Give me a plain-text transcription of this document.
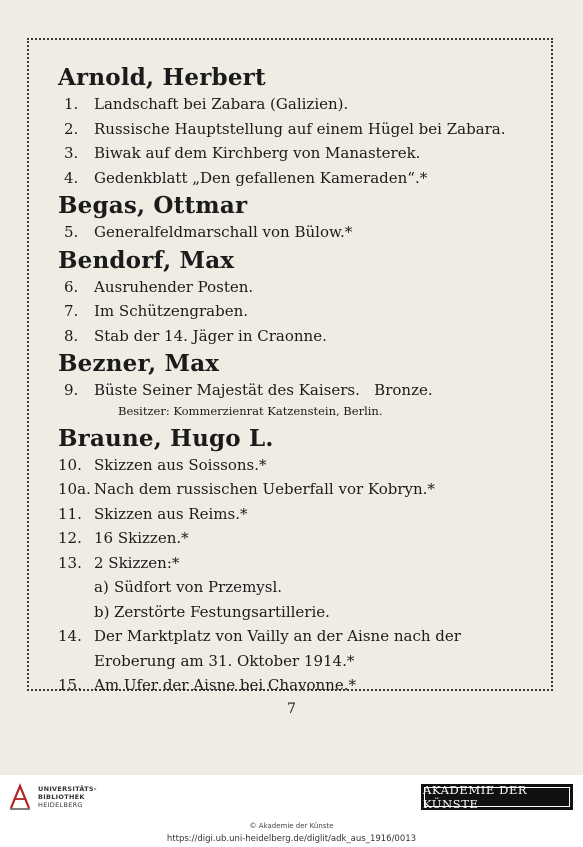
Arnold, Herbert
1.	Landschaft bei Zabara (Galizien).
2.	Russische Hauptstellung auf einem Hügel bei Zabara.
3.	Biwak auf dem Kirchberg von Manasterek.
4.	Gedenkblatt „Den gefallenen Kameraden“.*
Begas, Ottmar
5.	Generalfeldmarschall von Bülow.*
Bendorf, Max
6.	Ausruhender Posten.
7.	Im Schützengraben.
8.	Stab der 14. Jäger in Craonne.
Bezner, Max
9.	Büste Seiner Majestät des Kaisers.   Bronze.
Besitzer: Kommerzienrat Katzenstein, Berlin.
Braune, Hugo L.
10. Skizzen aus Soissons.*
10a. Nach dem russischen Ueberfall vor Kobryn.*
11. Skizzen aus Reims.*
12. 16 Skizzen.*
13. 2 Skizzen:*
a) Südfort von Przemysl.
b) Zerstörte Festungsartillerie.
14. Der Marktplatz von Vailly an der Aisne nach der
Eroberung am 31. Oktober 1914.*
15. Am Ufer der Aisne bei Chavonne.*
7
UNIVERSITÄTS-
BIBLIOTHEK
HEIDELBERG
AKADEMIE DER KÜNSTE
© Akademie der Künste
https://digi.ub.uni-heidelberg.de/diglit/adk_aus_1916/0013
